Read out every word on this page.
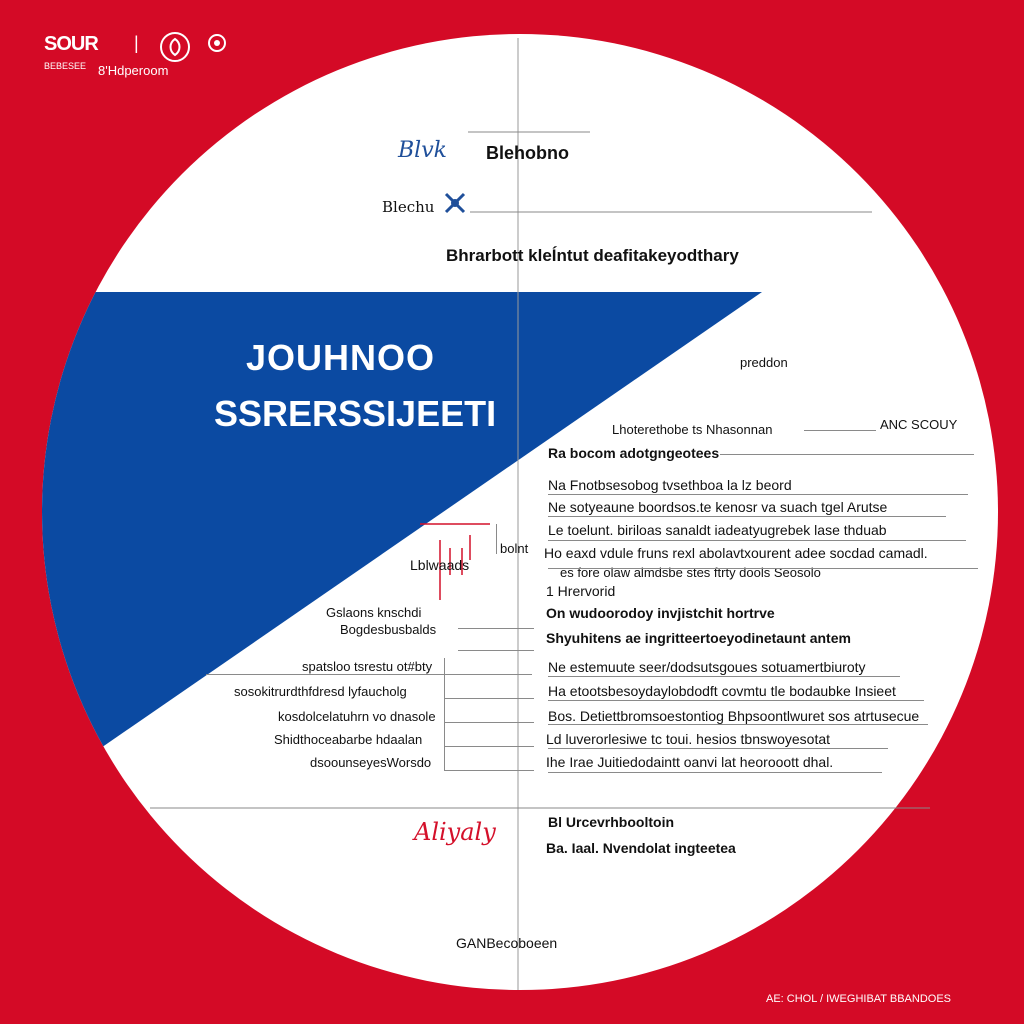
SOUR
BEBESEE 8'Hdperoom
|
Blvk Blehobno
Blechu
Bhrarbott kleÍntut deafitakeyodthary
JOUHNOO
SSRERSSIJEETI
preddon
Lhoterethobe ts Nhasonnan	ANC SCOUY
Ra bocom adotgngeotees
Na Fnotbsesobog tvsethboa la lz beord
Ne sotyeaune boordsos.te kenosr va suach tgel Arutse
Le toelunt. biriloas sanaldt iadeatyugrebek lase thduab
Ho eaxd vdule fruns rexl abolavtxourent adee socdad camadl.
es fore olaw almdsbe stes ftrty dools Seosolo
1 Hrervorid
On wudoorodoy invjistchit hortrve
Shyuhitens ae ingritteertoeyodinetaunt antem
Lblwaads
bolnt
Gslaons knschdi
Bogdesbusbalds
spatsloo tsrestu ot#bty
sosokitrurdthfdresd lyfaucholg
kosdolcelatuhrn vo dnasole
Shidthoceabarbe hdaalan
dsoounseyesWorsdo
Ne estemuute seer/dodsutsgoues sotuamertbiuroty
Ha etootsbesoydaylobdodft covmtu tle bodaubke Insieet
Bos. Detiettbromsoestontiog Bhpsoontlwuret sos atrtusecue
Ld luverorlesiwe tc toui. hesios tbnswoyesotat
Ihe Irae Juitiedodaintt oanvi lat heorooott dhal.
Aliyaly	Bl Urcevrhbooltoin
Ba. Iaal. Nvendolat ingteetea
GANBecoboeen
AE: CHOL / IWEGHIBAT BBANDOES
